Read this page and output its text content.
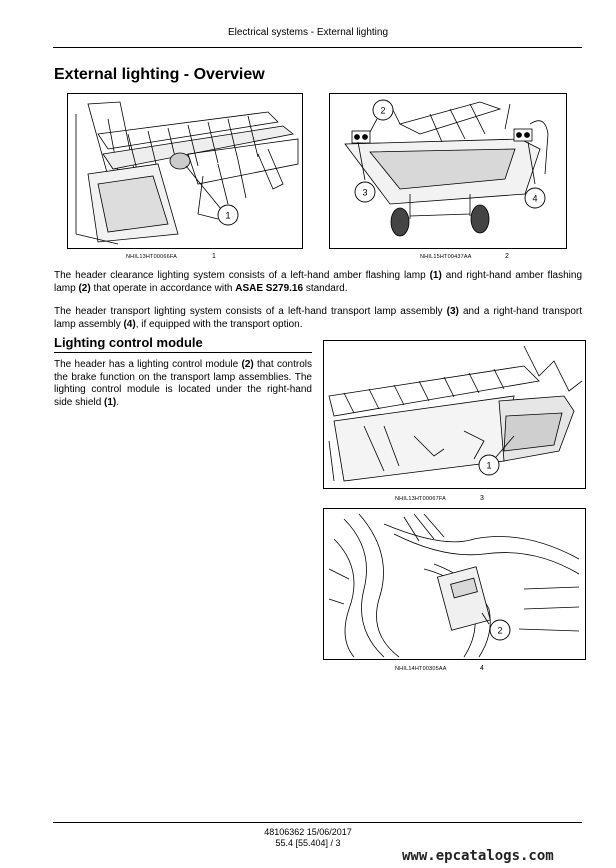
Electrical systems - External lighting
External lighting - Overview
1
NHIL13HT00066FA	1
2
3
4
NHIL15HT00437AA	2

The header clearance lighting system consists of a left-hand amber flashing lamp (1) and right-hand amber flashing lamp (2) that operate in accordance with ASAE S279.16 standard.

The header transport lighting system consists of a left-hand transport lamp assembly (3) and a right-hand transport lamp assembly (4), if equipped with the transport option.

Lighting control module

The header has a lighting control module (2) that controls the brake function on the transport lamp assemblies. The lighting control module is located under the right-hand side shield (1).

1
NHIL13HT00067FA	3
2
NHIL14HT00305AA	4
48106362 15/06/2017
55.4 [55.404] / 3
www.epcatalogs.com
